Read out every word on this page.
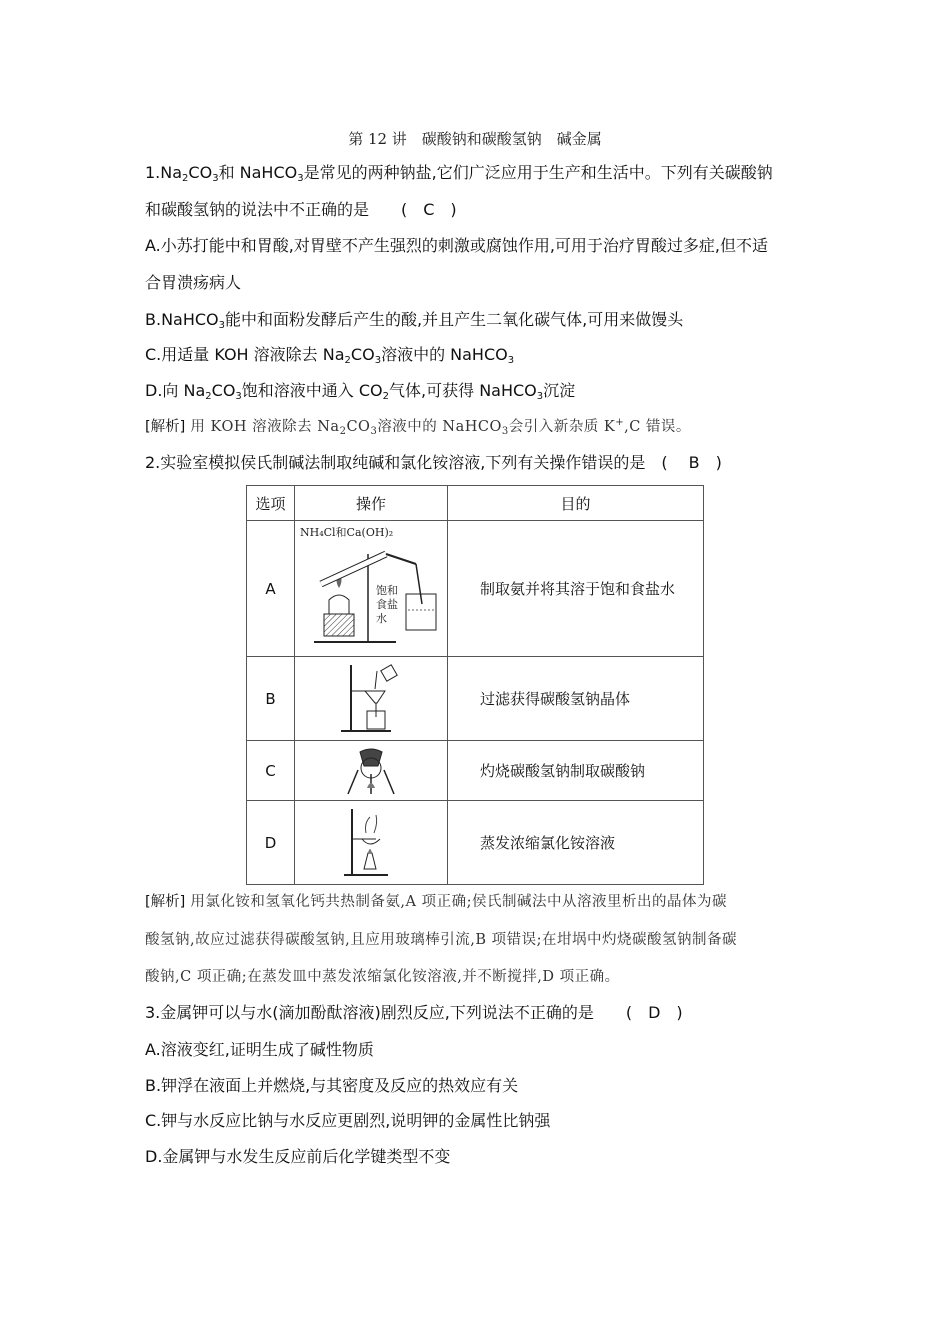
第 12 讲　碳酸钠和碳酸氢钠　碱金属
$1.Na_2CO_3$和 NaHCO$_3$是常见的两种钠盐,它们广泛应用于生产和生活中。下列有关碳酸钠
和碳酸氢钠的说法中不正确的是　　(　C　)
A.小苏打能中和胃酸,对胃壁不产生强烈的刺激或腐蚀作用,可用于治疗胃酸过多症,但不适
合胃溃疡病人
B.NaHCO$_3$能中和面粉发酵后产生的酸,并且产生二氧化碳气体,可用来做馒头
C.用适量 KOH 溶液除去 $Na_2CO_3$溶液中的 NaHCO$_3$
D.向 $Na_2CO_3$饱和溶液中通入 $CO_2$气体,可获得 NaHCO$_3$沉淀
[解析] 用 KOH 溶液除去 $Na_2CO_3$溶液中的 NaHCO$_3$会引入新杂质 K+,C 错误。
2.实验室模拟侯氏制碱法制取纯碱和氯化铵溶液,下列有关操作错误的是　(　 B　)
选项	操作	目的
A	NH₄Cl和Ca(OH)₂
饱和
食盐
水	制取氨并将其溶于饱和食盐水
B		过滤获得碳酸氢钠晶体
C		灼烧碳酸氢钠制取碳酸钠
D		蒸发浓缩氯化铵溶液
[解析] 用氯化铵和氢氧化钙共热制备氨,A 项正确;侯氏制碱法中从溶液里析出的晶体为碳
酸氢钠,故应过滤获得碳酸氢钠,且应用玻璃棒引流,B 项错误;在坩埚中灼烧碳酸氢钠制备碳
酸钠,C 项正确;在蒸发皿中蒸发浓缩氯化铵溶液,并不断搅拌,D 项正确。
3.金属钾可以与水(滴加酚酞溶液)剧烈反应,下列说法不正确的是　　(　D　)
A.溶液变红,证明生成了碱性物质
B.钾浮在液面上并燃烧,与其密度及反应的热效应有关
C.钾与水反应比钠与水反应更剧烈,说明钾的金属性比钠强
D.金属钾与水发生反应前后化学键类型不变
